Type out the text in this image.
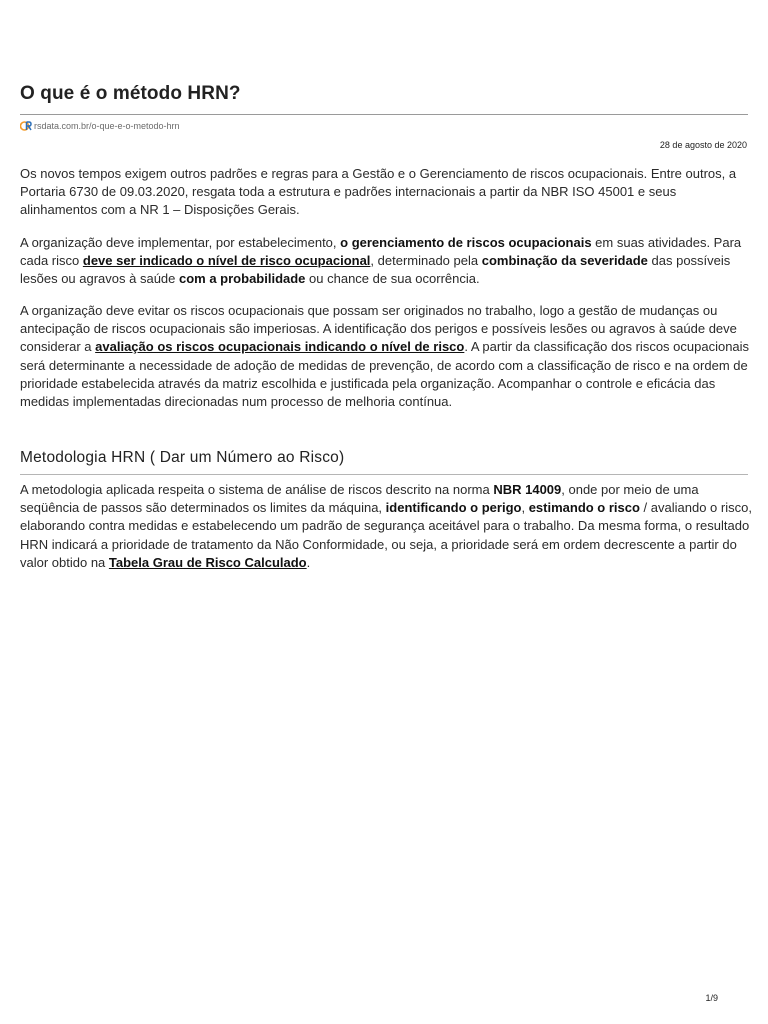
O que é o método HRN?
rsdata.com.br/o-que-e-o-metodo-hrn
28 de agosto de 2020

Os novos tempos exigem outros padrões e regras para a Gestão e o Gerenciamento de riscos ocupacionais. Entre outros, a Portaria 6730 de 09.03.2020, resgata toda a estrutura e padrões internacionais a partir da NBR ISO 45001 e seus alinhamentos com a NR 1 – Disposições Gerais.

A organização deve implementar, por estabelecimento, o gerenciamento de riscos ocupacionais em suas atividades. Para cada risco deve ser indicado o nível de risco ocupacional, determinado pela combinação da severidade das possíveis lesões ou agravos à saúde com a probabilidade ou chance de sua ocorrência.

A organização deve evitar os riscos ocupacionais que possam ser originados no trabalho, logo a gestão de mudanças ou antecipação de riscos ocupacionais são imperiosas. A identificação dos perigos e possíveis lesões ou agravos à saúde deve considerar a avaliação os riscos ocupacionais indicando o nível de risco. A partir da classificação dos riscos ocupacionais será determinante a necessidade de adoção de medidas de prevenção, de acordo com a classificação de risco e na ordem de prioridade estabelecida através da matriz escolhida e justificada pela organização. Acompanhar o controle e eficácia das medidas implementadas direcionadas num processo de melhoria contínua.

Metodologia HRN ( Dar um Número ao Risco)

A metodologia aplicada respeita o sistema de análise de riscos descrito na norma NBR 14009, onde por meio de uma seqüência de passos são determinados os limites da máquina, identificando o perigo, estimando o risco / avaliando o risco, elaborando contra medidas e estabelecendo um padrão de segurança aceitável para o trabalho. Da mesma forma, o resultado HRN indicará a prioridade de tratamento da Não Conformidade, ou seja, a prioridade será em ordem decrescente a partir do valor obtido na Tabela Grau de Risco Calculado.

1/9
